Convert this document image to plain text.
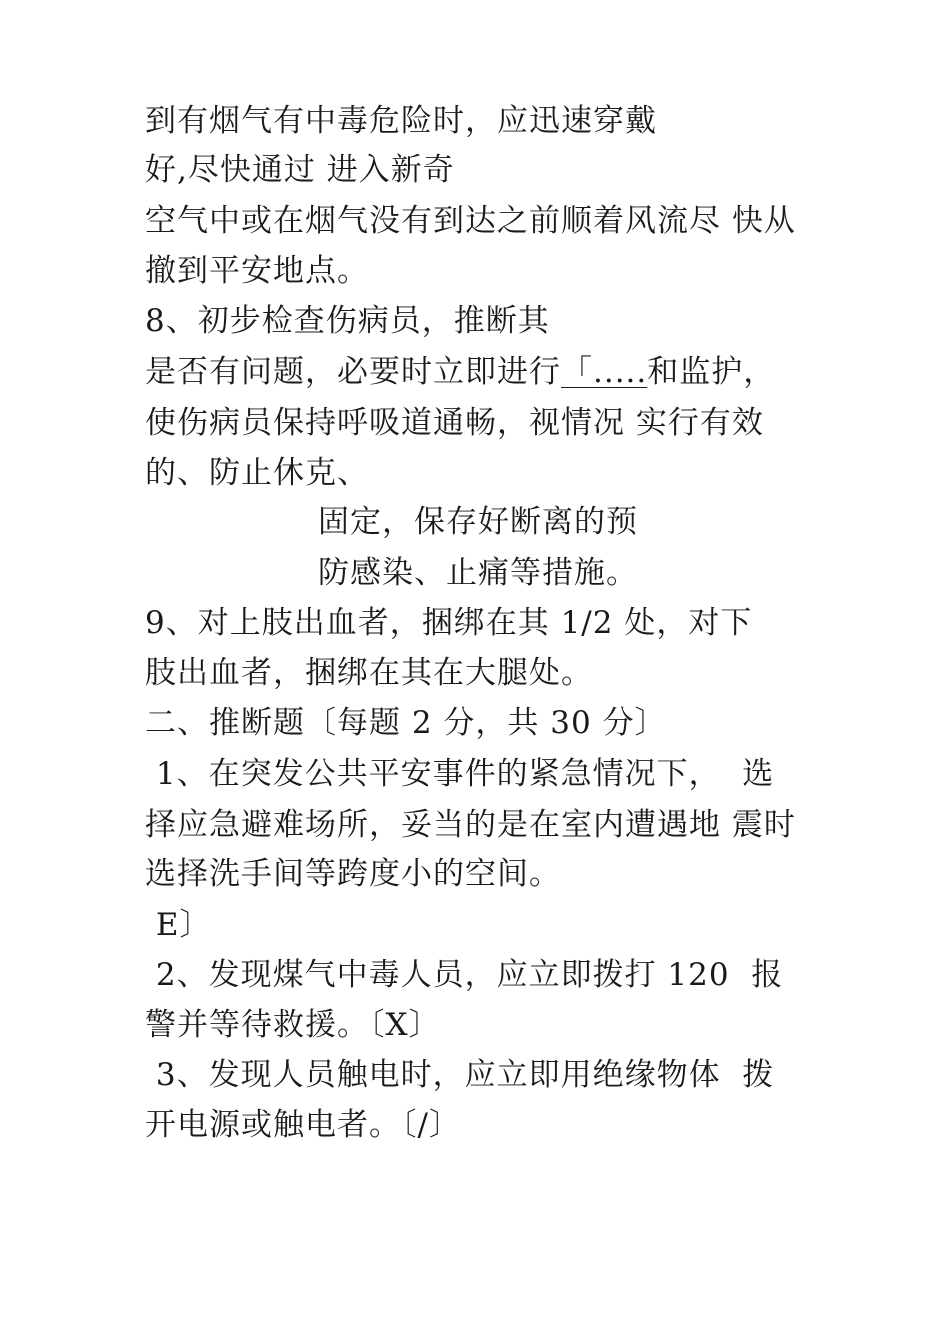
到有烟气有中毒危险时，应迅速穿戴
好,尽快通过 进入新奇
空气中或在烟气没有到达之前顺着风流尽 快从
撤到平安地点。
8、初步检查伤病员，推断其
是否有问题，必要时立即进行「.....和监护，
使伤病员保持呼吸道通畅，视情况 实行有效
的、防止休克、
固定，保存好断离的预
防感染、止痛等措施。
9、对上肢出血者，捆绑在其 1/2 处，对下
肢出血者，捆绑在其在大腿处。
二、推断题〔每题 2 分，共 30 分〕
1、在突发公共平安事件的紧急情况下，  选
择应急避难场所，妥当的是在室内遭遇地 震时
选择洗手间等跨度小的空间。
E〕
2、发现煤气中毒人员，应立即拨打 120  报
警并等待救援。〔X〕
3、发现人员触电时，应立即用绝缘物体  拨
开电源或触电者。〔/〕
